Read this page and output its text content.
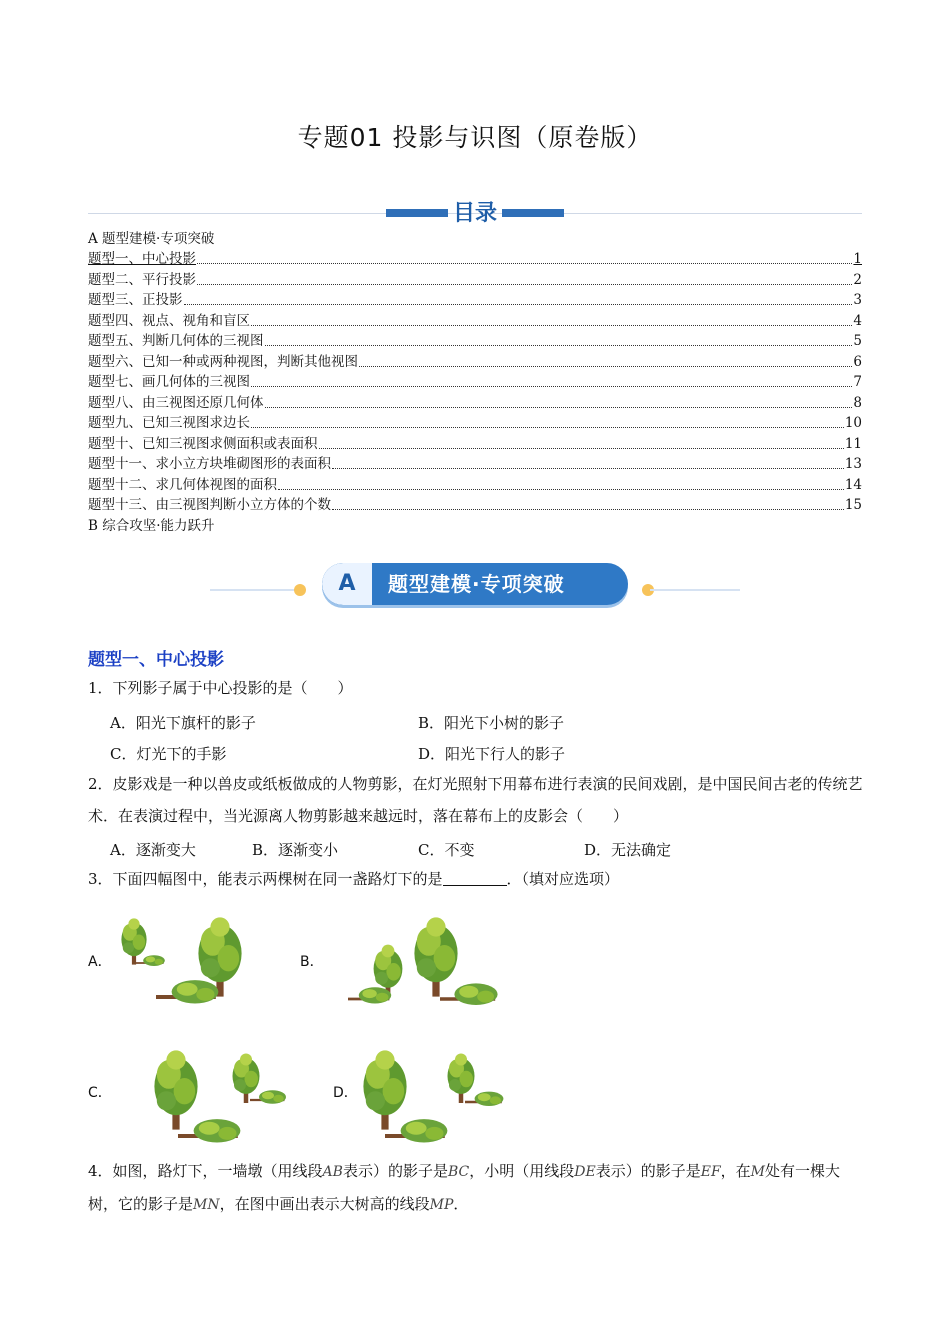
专题01 投影与识图（原卷版）
目录
A 题型建模·专项突破
题型一、中心投影	1
题型二、平行投影	2
题型三、正投影	3
题型四、视点、视角和盲区	4
题型五、判断几何体的三视图	5
题型六、已知一种或两种视图，判断其他视图	6
题型七、画几何体的三视图	7
题型八、由三视图还原几何体	8
题型九、已知三视图求边长	10
题型十、已知三视图求侧面积或表面积	11
题型十一、求小立方块堆砌图形的表面积	13
题型十二、求几何体视图的面积	14
题型十三、由三视图判断小立方体的个数	15
B 综合攻坚·能力跃升
A	题型建模·专项突破
题型一、中心投影
1．下列影子属于中心投影的是（　　）
A．阳光下旗杆的影子	B．阳光下小树的影子
C．灯光下的手影	D．阳光下行人的影子
2．皮影戏是一种以兽皮或纸板做成的人物剪影，在灯光照射下用幕布进行表演的民间戏剧，是中国民间古老的传统艺术．在表演过程中，当光源离人物剪影越来越远时，落在幕布上的皮影会（　　）
A．逐渐变大	B．逐渐变小	C．不变	D．无法确定
3．下面四幅图中，能表示两棵树在同一盏路灯下的是	．（填对应选项）
A．	B．
C．	D．
4．如图，路灯下，一墙墩（用线段AB表示）的影子是BC，小明（用线段DE表示）的影子是EF，在M处有一棵大树，它的影子是MN，在图中画出表示大树高的线段MP．
